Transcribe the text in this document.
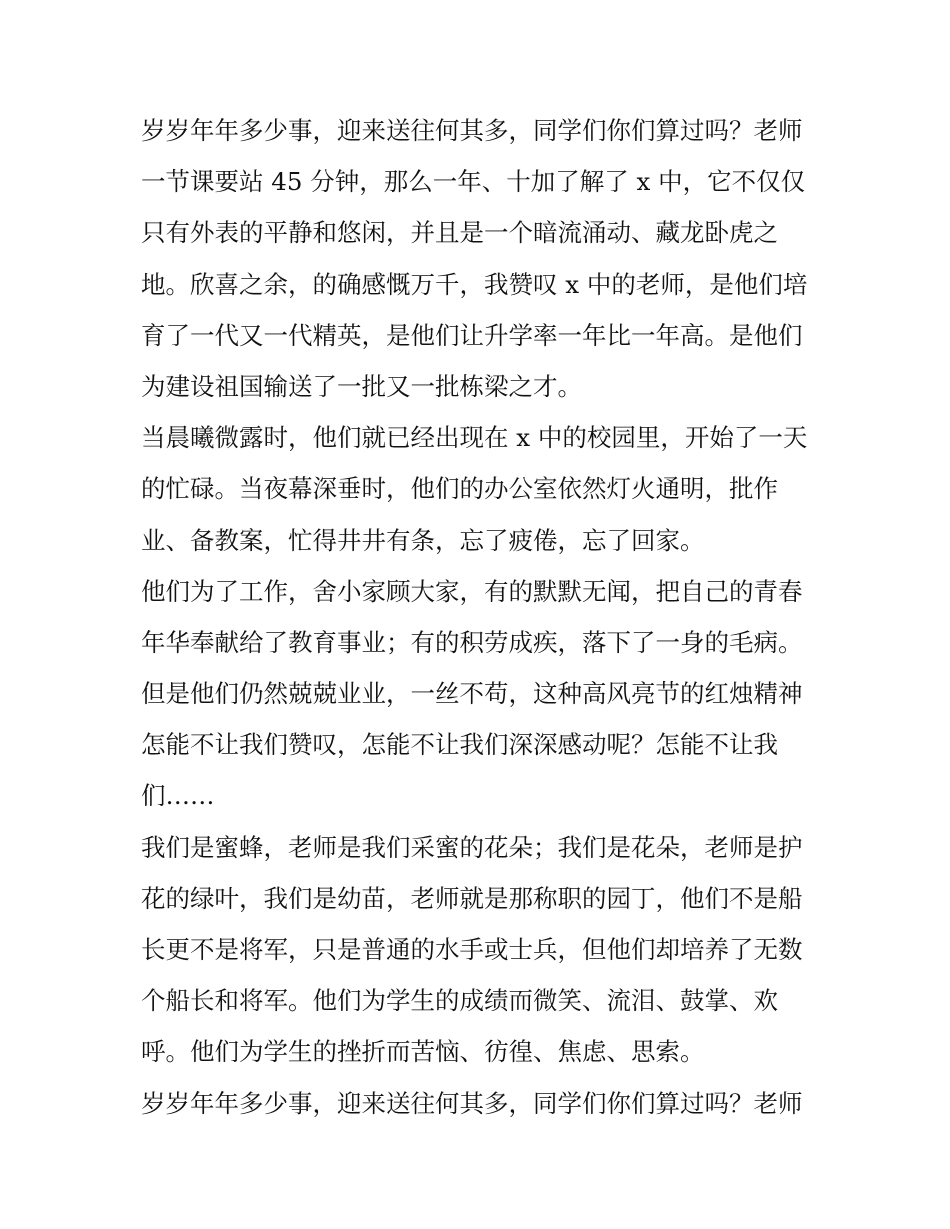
岁岁年年多少事，迎来送往何其多，同学们你们算过吗？老师
一节课要站 45 分钟，那么一年、十加了解了 x 中，它不仅仅
只有外表的平静和悠闲，并且是一个暗流涌动、藏龙卧虎之
地。欣喜之余，的确感慨万千，我赞叹 x 中的老师，是他们培
育了一代又一代精英，是他们让升学率一年比一年高。是他们
为建设祖国输送了一批又一批栋梁之才。
当晨曦微露时，他们就已经出现在 x 中的校园里，开始了一天
的忙碌。当夜幕深垂时，他们的办公室依然灯火通明，批作
业、备教案，忙得井井有条，忘了疲倦，忘了回家。
他们为了工作，舍小家顾大家，有的默默无闻，把自己的青春
年华奉献给了教育事业；有的积劳成疾，落下了一身的毛病。
但是他们仍然兢兢业业，一丝不苟，这种高风亮节的红烛精神
怎能不让我们赞叹，怎能不让我们深深感动呢？怎能不让我
们……
我们是蜜蜂，老师是我们采蜜的花朵；我们是花朵，老师是护
花的绿叶，我们是幼苗，老师就是那称职的园丁，他们不是船
长更不是将军，只是普通的水手或士兵，但他们却培养了无数
个船长和将军。他们为学生的成绩而微笑、流泪、鼓掌、欢
呼。他们为学生的挫折而苦恼、彷徨、焦虑、思索。
岁岁年年多少事，迎来送往何其多，同学们你们算过吗？老师
